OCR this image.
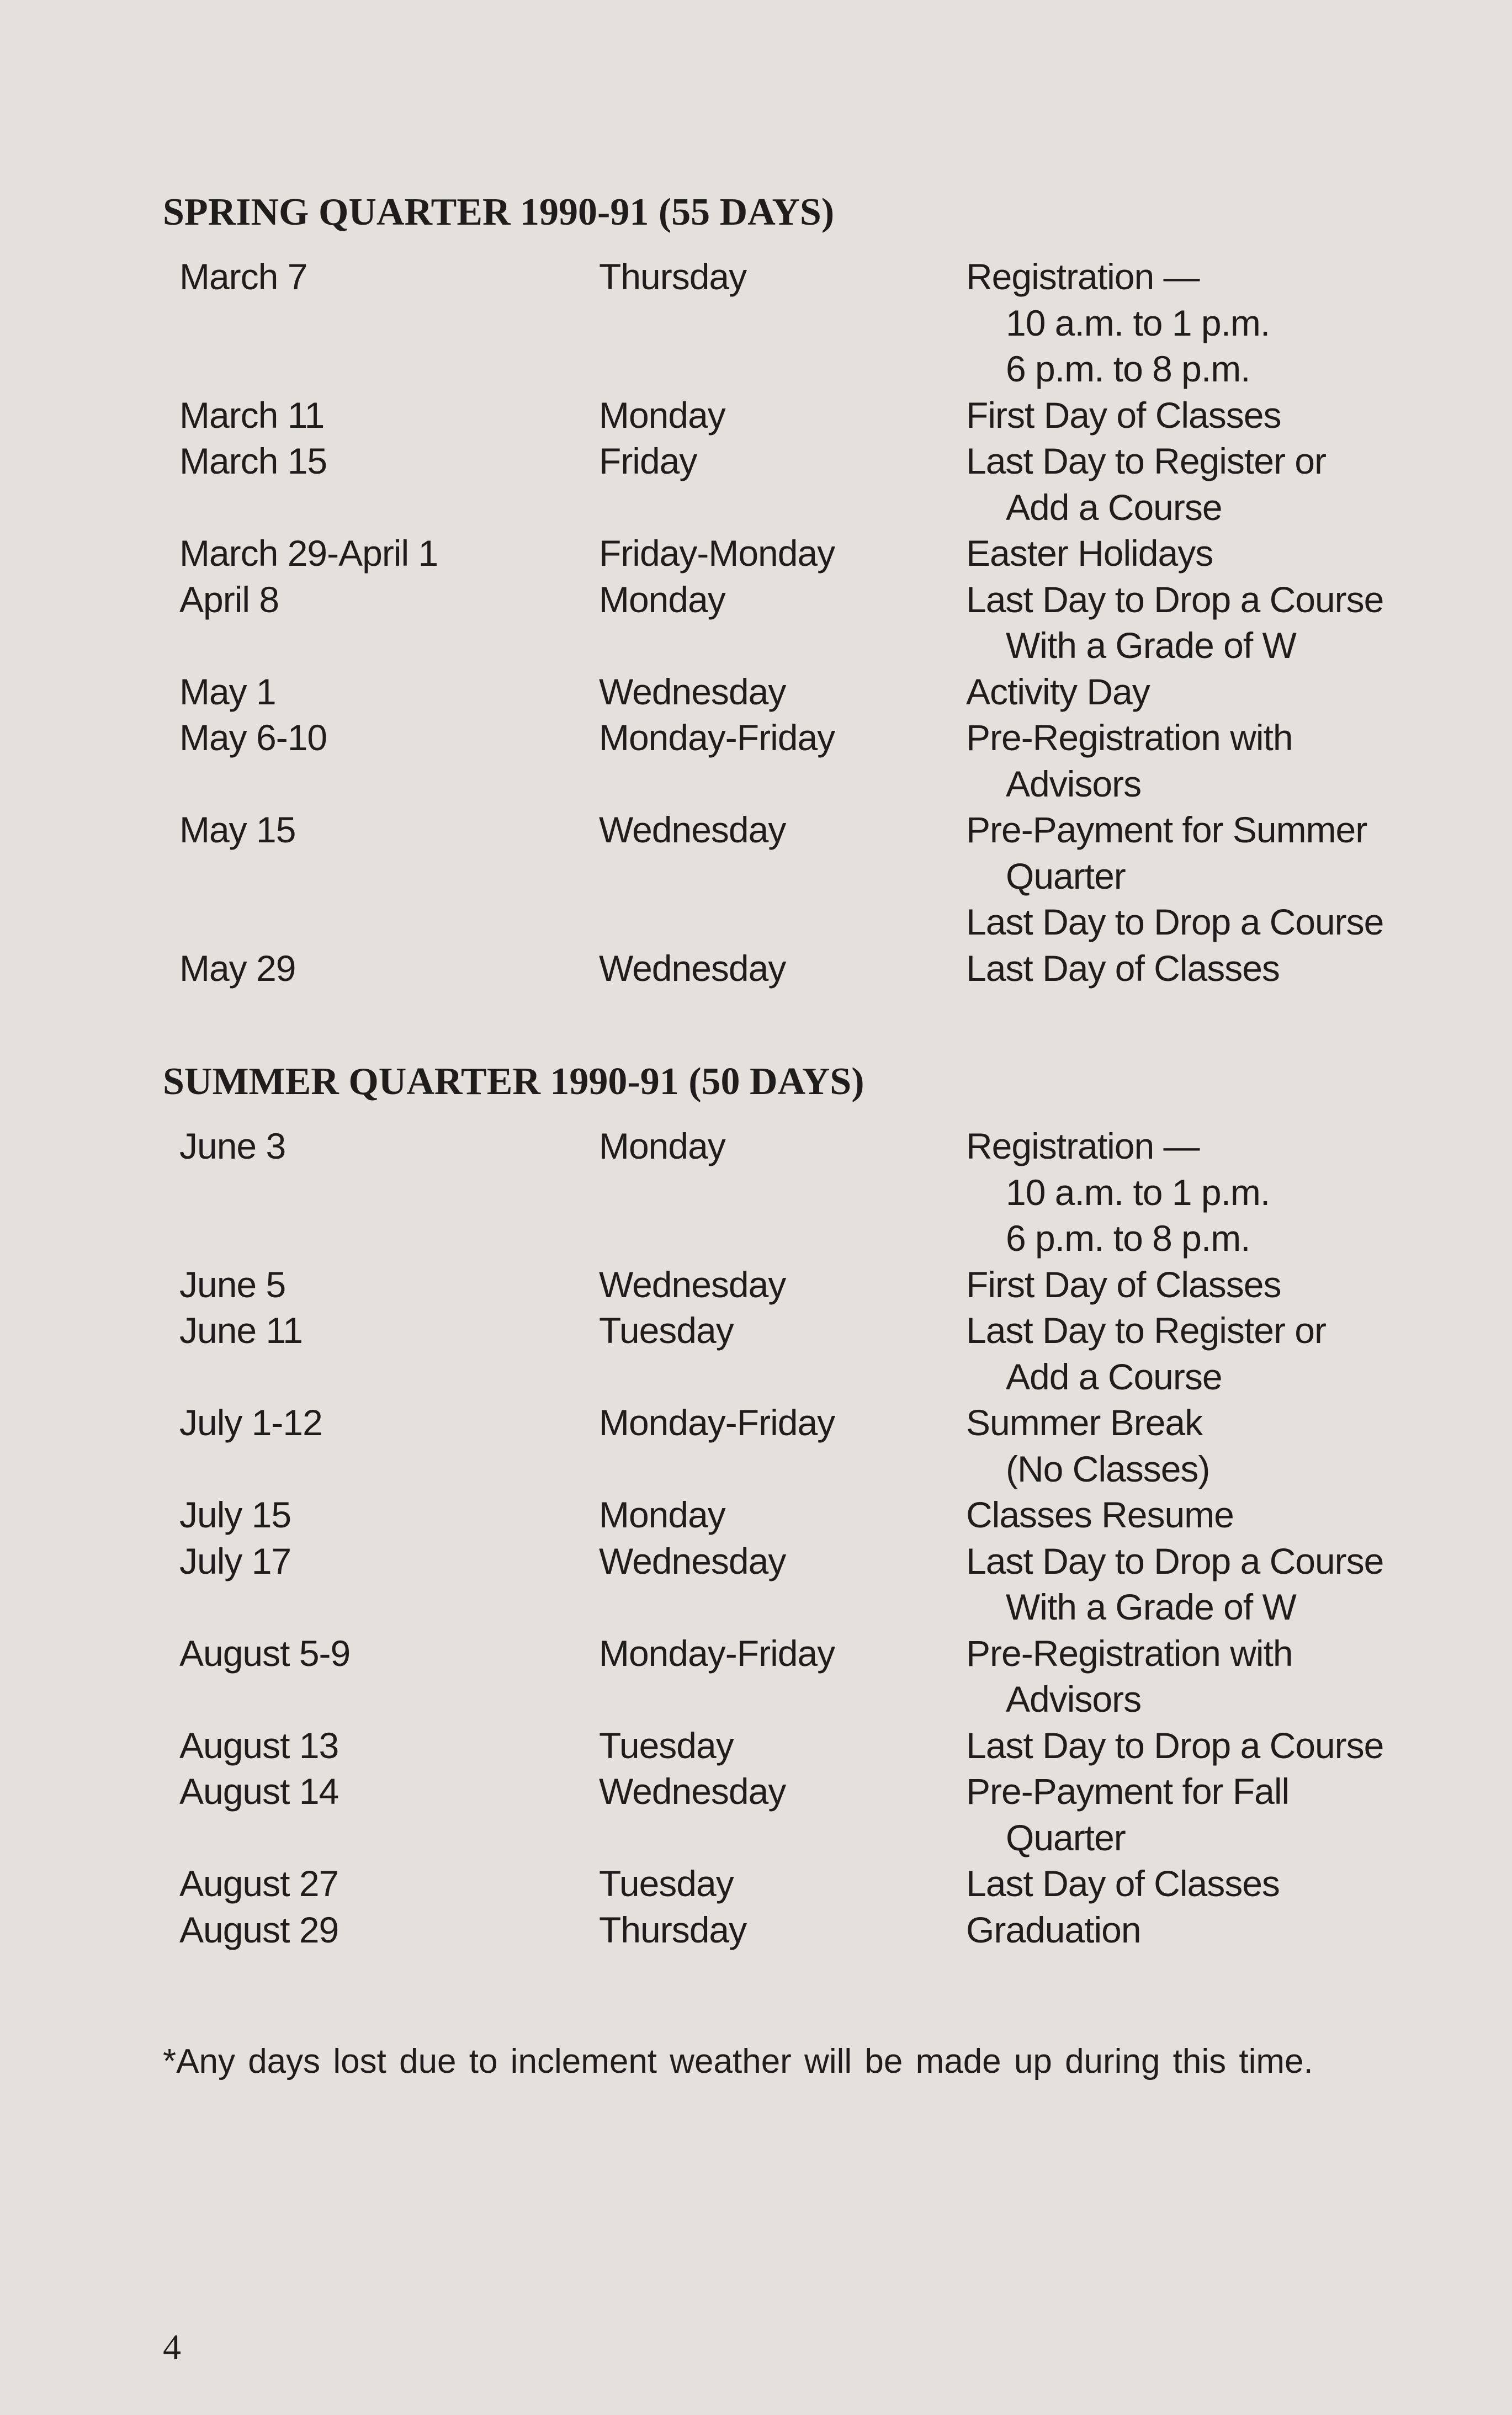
SPRING QUARTER 1990-91 (55 DAYS)
March 7	Thursday	Registration —
10 a.m. to 1 p.m.
6 p.m. to 8 p.m.
March 11	Monday	First Day of Classes
March 15	Friday	Last Day to Register or
Add a Course
March 29-April 1	Friday-Monday	Easter Holidays
April 8	Monday	Last Day to Drop a Course
With a Grade of W
May 1	Wednesday	Activity Day
May 6-10	Monday-Friday	Pre-Registration with
Advisors
May 15	Wednesday	Pre-Payment for Summer
Quarter
Last Day to Drop a Course
May 29	Wednesday	Last Day of Classes
SUMMER QUARTER 1990-91 (50 DAYS)
June 3	Monday	Registration —
10 a.m. to 1 p.m.
6 p.m. to 8 p.m.
June 5	Wednesday	First Day of Classes
June 11	Tuesday	Last Day to Register or
Add a Course
July 1-12	Monday-Friday	Summer Break
(No Classes)
July 15	Monday	Classes Resume
July 17	Wednesday	Last Day to Drop a Course
With a Grade of W
August 5-9	Monday-Friday	Pre-Registration with
Advisors
August 13	Tuesday	Last Day to Drop a Course
August 14	Wednesday	Pre-Payment for Fall
Quarter
August 27	Tuesday	Last Day of Classes
August 29	Thursday	Graduation

*Any days lost due to inclement weather will be made up during this time.

4
